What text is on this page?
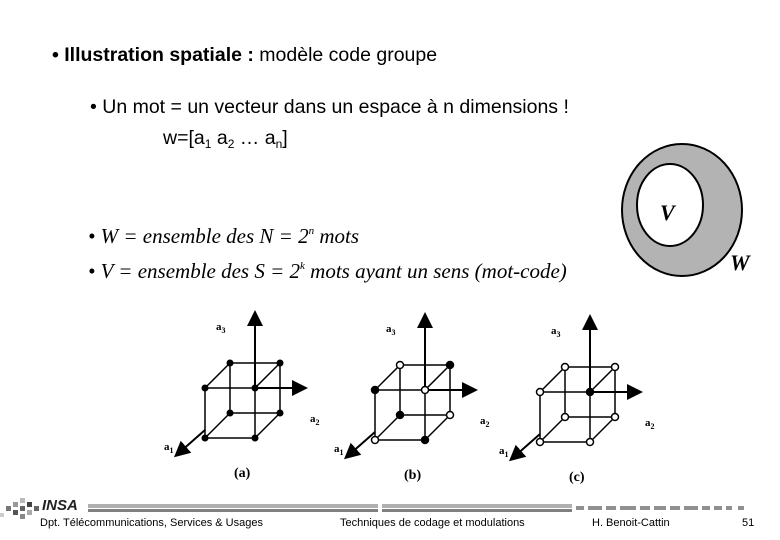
• Illustration spatiale : modèle code groupe
• Un mot = un vecteur dans un espace à n dimensions !
$w=[a_1$ $a_2$ … $a_n$]
• W = ensemble des $N = 2^n$ mots
• V = ensemble des $S = 2^k$ mots ayant un sens (mot-code)
V
W
$a_3$
$a_2$
$a_1$
(a)
$a_3$
$a_2$
$a_1$
(b)
$a_3$
$a_2$
$a_1$
(c)
INSA
Dpt. Télécommunications, Services & Usages	Techniques de codage et modulations	H. Benoit-Cattin	51
